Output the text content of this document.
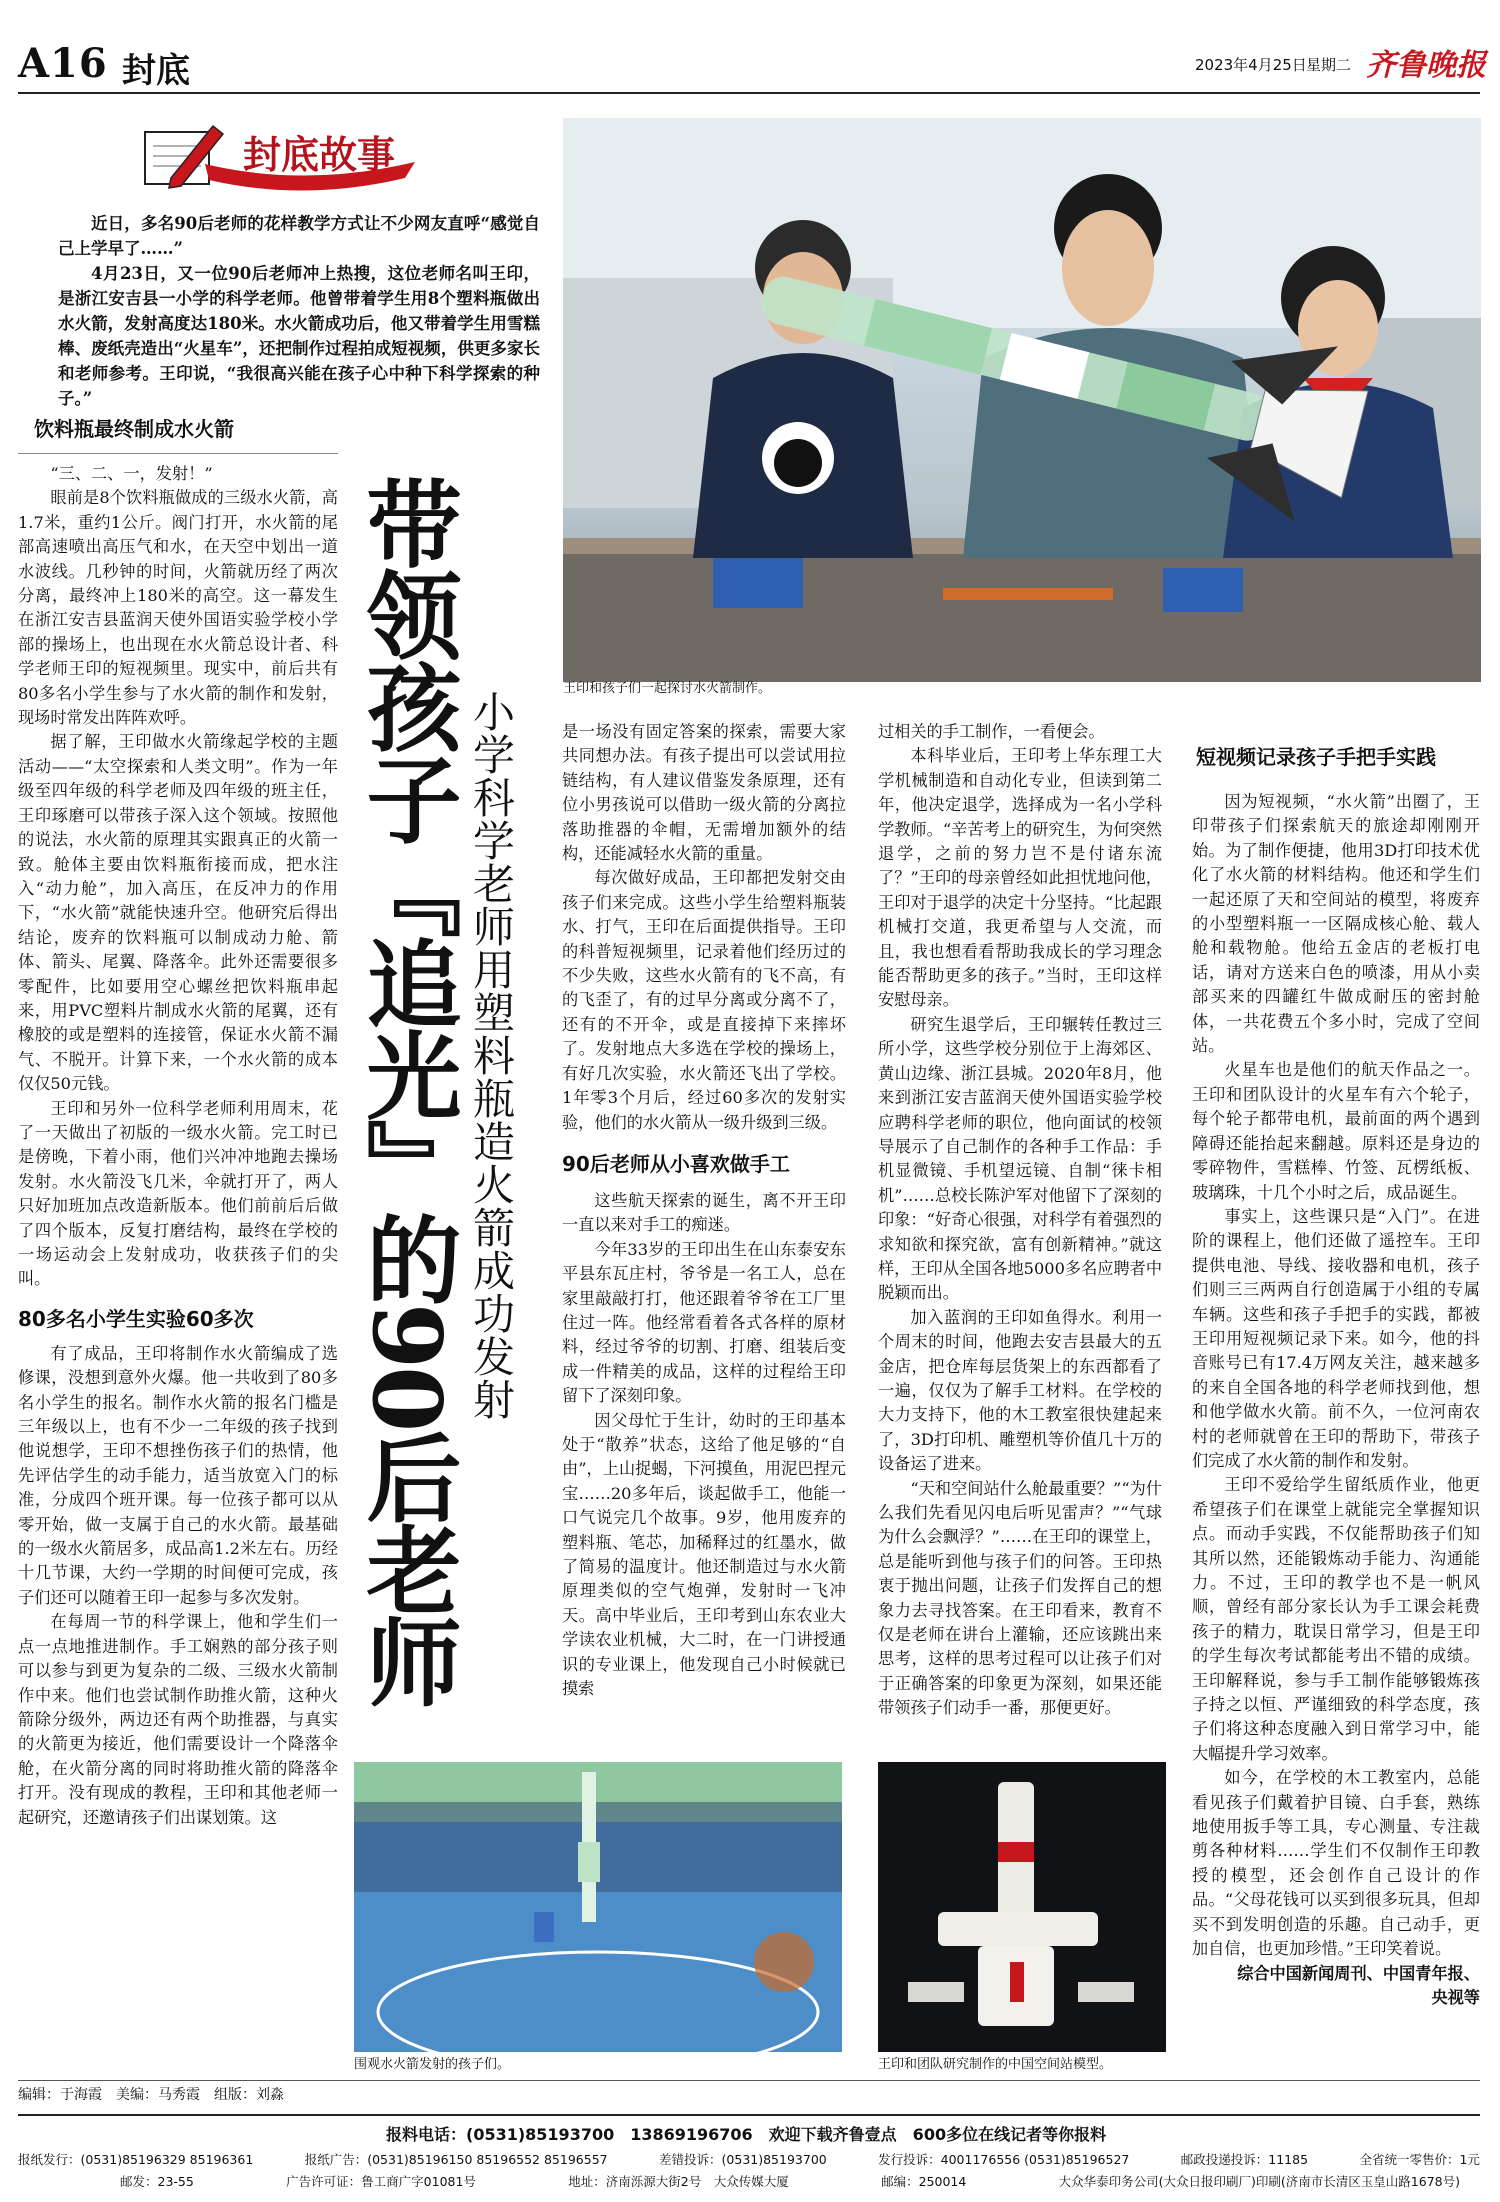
A16 封底	2023年4月25日 星期二 齐鲁晚报
封底故事

近日，多名90后老师的花样教学方式让不少网友直呼“感觉自己上学早了……”

4月23日，又一位90后老师冲上热搜，这位老师名叫王印，是浙江安吉县一小学的科学老师。他曾带着学生用8个塑料瓶做出水火箭，发射高度达180米。水火箭成功后，他又带着学生用雪糕棒、废纸壳造出“火星车”，还把制作过程拍成短视频，供更多家长和老师参考。王印说，“我很高兴能在孩子心中种下科学探索的种子。”

王印和孩子们一起探讨水火箭制作。
饮料瓶最终制成水火箭

“三、二、一，发射！”

眼前是8个饮料瓶做成的三级水火箭，高1.7米，重约1公斤。阀门打开，水火箭的尾部高速喷出高压气和水，在天空中划出一道水波线。几秒钟的时间，火箭就历经了两次分离，最终冲上180米的高空。这一幕发生在浙江安吉县蓝润天使外国语实验学校小学部的操场上，也出现在水火箭总设计者、科学老师王印的短视频里。现实中，前后共有80多名小学生参与了水火箭的制作和发射，现场时常发出阵阵欢呼。

据了解，王印做水火箭缘起学校的主题活动——“太空探索和人类文明”。作为一年级至四年级的科学老师及四年级的班主任，王印琢磨可以带孩子深入这个领域。按照他的说法，水火箭的原理其实跟真正的火箭一致。舱体主要由饮料瓶衔接而成，把水注入“动力舱”，加入高压，在反冲力的作用下，“水火箭”就能快速升空。他研究后得出结论，废弃的饮料瓶可以制成动力舱、箭体、箭头、尾翼、降落伞。此外还需要很多零配件，比如要用空心螺丝把饮料瓶串起来，用PVC塑料片制成水火箭的尾翼，还有橡胶的或是塑料的连接管，保证水火箭不漏气、不脱开。计算下来，一个水火箭的成本仅仅50元钱。

王印和另外一位科学老师利用周末，花了一天做出了初版的一级水火箭。完工时已是傍晚，下着小雨，他们兴冲冲地跑去操场发射。水火箭没飞几米，伞就打开了，两人只好加班加点改造新版本。他们前前后后做了四个版本，反复打磨结构，最终在学校的一场运动会上发射成功，收获孩子们的尖叫。

80多名小学生实验60多次

有了成品，王印将制作水火箭编成了选修课，没想到意外火爆。他一共收到了80多名小学生的报名。制作水火箭的报名门槛是三年级以上，也有不少一二年级的孩子找到他说想学，王印不想挫伤孩子们的热情，他先评估学生的动手能力，适当放宽入门的标准，分成四个班开课。每一位孩子都可以从零开始，做一支属于自己的水火箭。最基础的一级水火箭居多，成品高1.2米左右。历经十几节课，大约一学期的时间便可完成，孩子们还可以随着王印一起参与多次发射。

在每周一节的科学课上，他和学生们一点一点地推进制作。手工娴熟的部分孩子则可以参与到更为复杂的二级、三级水火箭制作中来。他们也尝试制作助推火箭，这种火箭除分级外，两边还有两个助推器，与真实的火箭更为接近，他们需要设计一个降落伞舱，在火箭分离的同时将助推火箭的降落伞打开。没有现成的教程，王印和其他老师一起研究，还邀请孩子们出谋划策。这

带领孩子『追光』的90后老师 小学科学老师用塑料瓶造火箭成功发射	是一场没有固定答案的探索，需要大家共同想办法。有孩子提出可以尝试用拉链结构，有人建议借鉴发条原理，还有位小男孩说可以借助一级火箭的分离拉落助推器的伞帽，无需增加额外的结构，还能减轻水火箭的重量。

每次做好成品，王印都把发射交由孩子们来完成。这些小学生给塑料瓶装水、打气，王印在后面提供指导。王印的科普短视频里，记录着他们经历过的不少失败，这些水火箭有的飞不高，有的飞歪了，有的过早分离或分离不了，还有的不开伞，或是直接掉下来摔坏了。发射地点大多选在学校的操场上，有好几次实验，水火箭还飞出了学校。1年零3个月后，经过60多次的发射实验，他们的水火箭从一级升级到三级。

90后老师从小喜欢做手工

这些航天探索的诞生，离不开王印一直以来对手工的痴迷。

今年33岁的王印出生在山东泰安东平县东瓦庄村，爷爷是一名工人，总在家里敲敲打打，他还跟着爷爷在工厂里住过一阵。他经常看着各式各样的原材料，经过爷爷的切割、打磨、组装后变成一件精美的成品，这样的过程给王印留下了深刻印象。

因父母忙于生计，幼时的王印基本处于“散养”状态，这给了他足够的“自由”，上山捉蝎，下河摸鱼，用泥巴捏元宝……20多年后，谈起做手工，他能一口气说完几个故事。9岁，他用废弃的塑料瓶、笔芯，加稀释过的红墨水，做了简易的温度计。他还制造过与水火箭原理类似的空气炮弹，发射时一飞冲天。高中毕业后，王印考到山东农业大学读农业机械，大二时，在一门讲授通识的专业课上，他发现自己小时候就已摸索

过相关的手工制作，一看便会。

本科毕业后，王印考上华东理工大学机械制造和自动化专业，但读到第二年，他决定退学，选择成为一名小学科学教师。“辛苦考上的研究生，为何突然退学，之前的努力岂不是付诸东流了？”王印的母亲曾经如此担忧地问他，王印对于退学的决定十分坚持。“比起跟机械打交道，我更希望与人交流，而且，我也想看看帮助我成长的学习理念能否帮助更多的孩子。”当时，王印这样安慰母亲。

研究生退学后，王印辗转任教过三所小学，这些学校分别位于上海郊区、黄山边缘、浙江县城。2020年8月，他来到浙江安吉蓝润天使外国语实验学校应聘科学老师的职位，他向面试的校领导展示了自己制作的各种手工作品：手机显微镜、手机望远镜、自制“徕卡相机”……总校长陈沪军对他留下了深刻的印象：“好奇心很强，对科学有着强烈的求知欲和探究欲，富有创新精神。”就这样，王印从全国各地5000多名应聘者中脱颖而出。

加入蓝润的王印如鱼得水。利用一个周末的时间，他跑去安吉县最大的五金店，把仓库每层货架上的东西都看了一遍，仅仅为了解手工材料。在学校的大力支持下，他的木工教室很快建起来了，3D打印机、雕塑机等价值几十万的设备运了进来。

“天和空间站什么舱最重要？”“为什么我们先看见闪电后听见雷声？”“气球为什么会飘浮？”……在王印的课堂上，总是能听到他与孩子们的问答。王印热衷于抛出问题，让孩子们发挥自己的想象力去寻找答案。在王印看来，教育不仅是老师在讲台上灌输，还应该跳出来思考，这样的思考过程可以让孩子们对于正确答案的印象更为深刻，如果还能带领孩子们动手一番，那便更好。

短视频记录孩子手把手实践

因为短视频，“水火箭”出圈了，王印带孩子们探索航天的旅途却刚刚开始。为了制作便捷，他用3D打印技术优化了水火箭的材料结构。他还和学生们一起还原了天和空间站的模型，将废弃的小型塑料瓶一一区隔成核心舱、载人舱和载物舱。他给五金店的老板打电话，请对方送来白色的喷漆，用从小卖部买来的四罐红牛做成耐压的密封舱体，一共花费五个多小时，完成了空间站。

火星车也是他们的航天作品之一。王印和团队设计的火星车有六个轮子，每个轮子都带电机，最前面的两个遇到障碍还能抬起来翻越。原料还是身边的零碎物件，雪糕棒、竹签、瓦楞纸板、玻璃珠，十几个小时之后，成品诞生。

事实上，这些课只是“入门”。在进阶的课程上，他们还做了遥控车。王印提供电池、导线、接收器和电机，孩子们则三三两两自行创造属于小组的专属车辆。这些和孩子手把手的实践，都被王印用短视频记录下来。如今，他的抖音账号已有17.4万网友关注，越来越多的来自全国各地的科学老师找到他，想和他学做水火箭。前不久，一位河南农村的老师就曾在王印的帮助下，带孩子们完成了水火箭的制作和发射。

王印不爱给学生留纸质作业，他更希望孩子们在课堂上就能完全掌握知识点。而动手实践，不仅能帮助孩子们知其所以然，还能锻炼动手能力、沟通能力。不过，王印的教学也不是一帆风顺，曾经有部分家长认为手工课会耗费孩子的精力，耽误日常学习，但是王印的学生每次考试都能考出不错的成绩。王印解释说，参与手工制作能够锻炼孩子持之以恒、严谨细致的科学态度，孩子们将这种态度融入到日常学习中，能大幅提升学习效率。

如今，在学校的木工教室内，总能看见孩子们戴着护目镜、白手套，熟练地使用扳手等工具，专心测量、专注裁剪各种材料……学生们不仅制作王印教授的模型，还会创作自己设计的作品。“父母花钱可以买到很多玩具，但却买不到发明创造的乐趣。自己动手，更加自信，也更加珍惜。”王印笑着说。

综合中国新闻周刊、中国青年报、央视等

围观水火箭发射的孩子们。	王印和团队研究制作的中国空间站模型。
编辑：于海霞　美编：马秀霞　组版：刘淼
报料电话：(0531)85193700　13869196706　欢迎下载齐鲁壹点　600多位在线记者等你报料
报纸发行：(0531)85196329 85196361	报纸广告：(0531)85196150 85196552 85196557	差错投诉：(0531)85193700	发行投诉：4001176556 (0531)85196527	邮政投递投诉：11185	全省统一零售价：1元
邮发：23-55	广告许可证：鲁工商广字01081号	地址：济南泺源大街2号　大众传媒大厦	邮编：250014	大众华泰印务公司(大众日报印刷厂)印刷(济南市长清区玉皇山路1678号)
